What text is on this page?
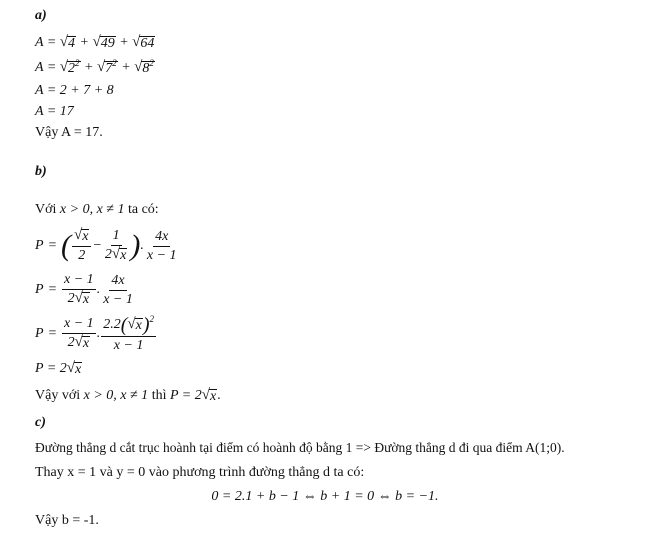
a)
A = √ 4 + √ 49 + √ 64
A = √ $2^2$ + √ $7^2$ + √ $8^2$
A = 2 + 7 + 8
A = 17
Vậy A = 17.
b)
Với x > 0, x ≠ 1 ta có:
P = ( $\frac{√ x}{2} - \frac{1}{2 √ x}$ ) . $\frac{4x}{x - 1}$
$P = \frac{x - 1}{2 √ x}$ . $\frac{4x}{x - 1}$
$P = \frac{x - 1}{2 √ x}$ . $\frac{2.2( √ x )^2}{x - 1}$
P = 2 √ x
Vậy với x > 0, x ≠ 1 thì P = 2 √ x .
c)
Đường thẳng d cắt trục hoành tại điểm có hoành độ bằng 1 => Đường thẳng d đi qua điểm A(1;0).
Thay x = 1 và y = 0 vào phương trình đường thẳng d ta có:
0 = 2.1 + b − 1 ⇔ b + 1 = 0 ⇔ b = −1.
Vậy b = -1.
